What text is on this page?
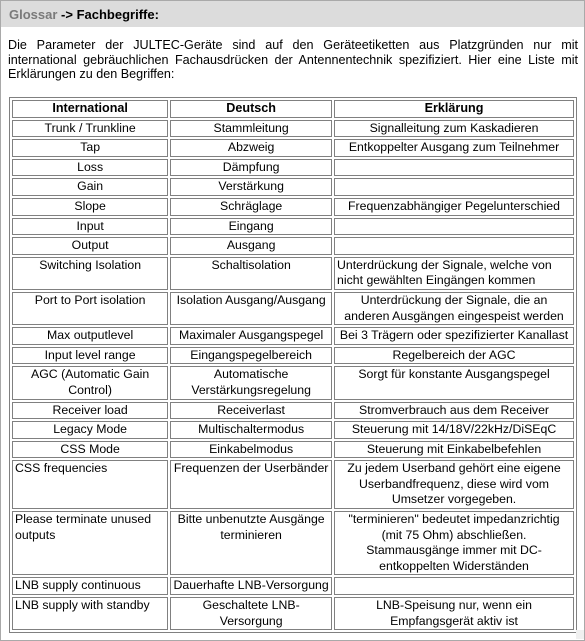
Glossar -> Fachbegriffe:
Die Parameter der JULTEC-Geräte sind auf den Geräteetiketten aus Platzgründen nur mit international gebräuchlichen Fachausdrücken der Antennentechnik spezifiziert. Hier eine Liste mit Erklärungen zu den Begriffen:
International	Deutsch	Erklärung
Trunk / Trunkline	Stammleitung	Signalleitung zum Kaskadieren
Tap	Abzweig	Entkoppelter Ausgang zum Teilnehmer
Loss	Dämpfung	
Gain	Verstärkung	
Slope	Schräglage	Frequenzabhängiger Pegelunterschied
Input	Eingang	
Output	Ausgang	
Switching Isolation	Schaltisolation	Unterdrückung der Signale, welche von nicht gewählten Eingängen kommen
Port to Port isolation	Isolation Ausgang/Ausgang	Unterdrückung der Signale, die an anderen Ausgängen eingespeist werden
Max outputlevel	Maximaler Ausgangspegel	Bei 3 Trägern oder spezifizierter Kanallast
Input level range	Eingangspegelbereich	Regelbereich der AGC
AGC (Automatic Gain Control)	Automatische Verstärkungsregelung	Sorgt für konstante Ausgangspegel
Receiver load	Receiverlast	Stromverbrauch aus dem Receiver
Legacy Mode	Multischaltermodus	Steuerung mit 14/18V/22kHz/DiSEqC
CSS Mode	Einkabelmodus	Steuerung mit Einkabelbefehlen
CSS frequencies	Frequenzen der Userbänder	Zu jedem Userband gehört eine eigene Userbandfrequenz, diese wird vom Umsetzer vorgegeben.
Please terminate unused outputs	Bitte unbenutzte Ausgänge terminieren	"terminieren" bedeutet impedanzrichtig (mit 75 Ohm) abschließen. Stammausgänge immer mit DC-entkoppelten Widerständen
LNB supply continuous	Dauerhafte LNB-Versorgung	
LNB supply with standby	Geschaltete LNB-Versorgung	LNB-Speisung nur, wenn ein Empfangsgerät aktiv ist
